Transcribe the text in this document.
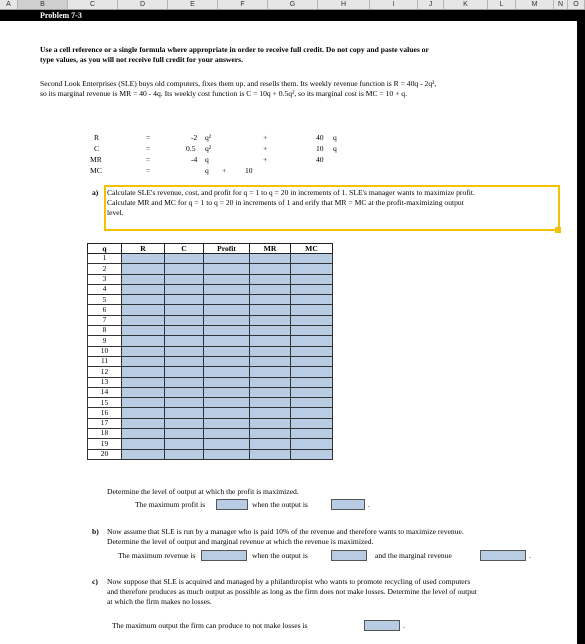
A	B	C	D	E	F	G	H	I	J	K	L	M	N	O
Problem 7-3
Use a cell reference or a single formula where appropriate in order to receive full credit. Do not copy and paste values or
type values, as you will not receive full credit for your answers.
Second Look Enterprises (SLE) buys old computers, fixes them up, and resells them. Its weekly revenue function is R = 40q - 2q²,
so its marginal revenue is MR = 40 - 4q. Its weekly cost function is C = 10q + 0.5q², so its marginal cost is MC = 10 + q.
R	=	-2 q²	+	40 q
C	=	0.5 q²	+	10 q
MR	=	-4 q	+	40
MC	=	q + 10
a) Calculate SLE's revenue, cost, and profit for q = 1 to q = 20 in increments of 1. SLE's manager wants to maximize profit.
Calculate MR and MC for q = 1 to q = 20 in increments of 1 and erify that MR = MC at the profit-maximizing output
level.
q	R	C	Profit	MR	MC
1					
2					
3					
4					
5					
6					
7					
8					
9					
10					
11					
12					
13					
14					
15					
16					
17					
18					
19					
20					
Determine the level of output at which the profit is maximized.
The maximum profit is	when the output is	.
b) Now assume that SLE is run by a manager who is paid 10% of the revenue and therefore wants to maximize revenue.
Determine the level of output and marginal revenue at which the revenue is maximized.
The maximum revenue is	when the output is	and the marginal revenue	.
c) Now suppose that SLE is acquired and managed by a philanthropist who wants to promote recycling of used computers
and therefore produces as much output as possible as long as the firm does not make losses. Determine the level of output
at which the firm makes no losses.
The maximum output the firm can produce to not make losses is	.
